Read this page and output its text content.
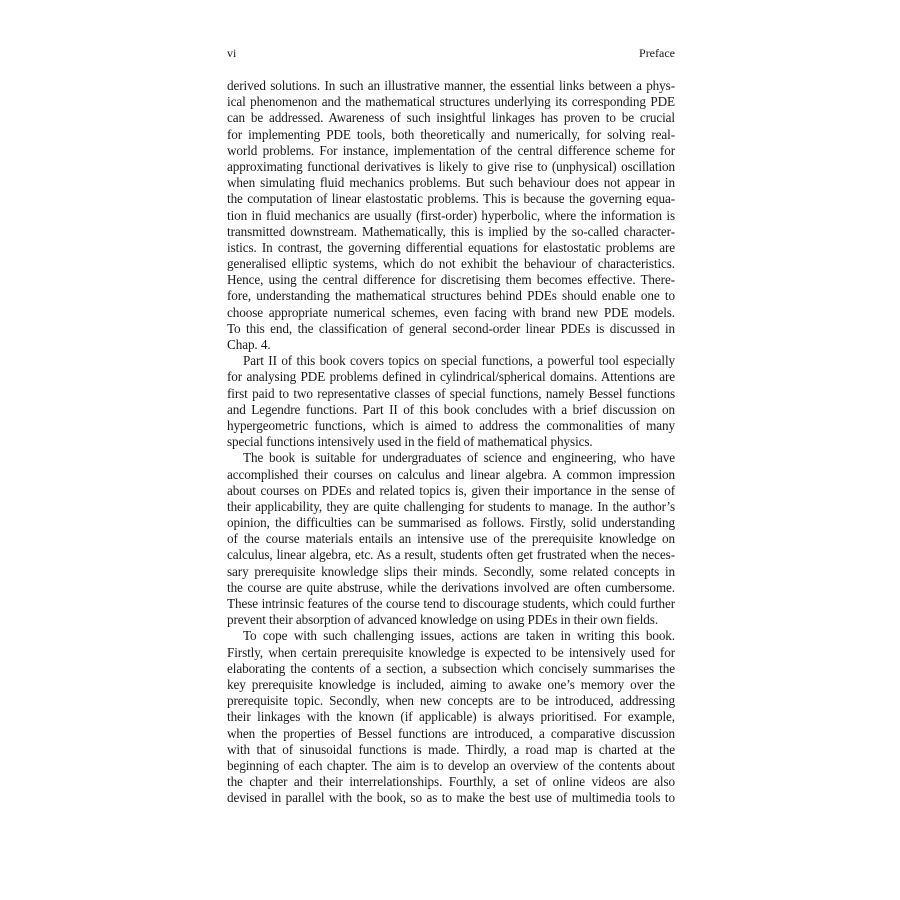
vi	Preface
derived solutions. In such an illustrative manner, the essential links between a phys-
ical phenomenon and the mathematical structures underlying its corresponding PDE
can be addressed. Awareness of such insightful linkages has proven to be crucial
for implementing PDE tools, both theoretically and numerically, for solving real-
world problems. For instance, implementation of the central difference scheme for
approximating functional derivatives is likely to give rise to (unphysical) oscillation
when simulating fluid mechanics problems. But such behaviour does not appear in
the computation of linear elastostatic problems. This is because the governing equa-
tion in fluid mechanics are usually (first-order) hyperbolic, where the information is
transmitted downstream. Mathematically, this is implied by the so-called character-
istics. In contrast, the governing differential equations for elastostatic problems are
generalised elliptic systems, which do not exhibit the behaviour of characteristics.
Hence, using the central difference for discretising them becomes effective. There-
fore, understanding the mathematical structures behind PDEs should enable one to
choose appropriate numerical schemes, even facing with brand new PDE models.
To this end, the classification of general second-order linear PDEs is discussed in
Chap. 4.
Part II of this book covers topics on special functions, a powerful tool especially
for analysing PDE problems defined in cylindrical/spherical domains. Attentions are
first paid to two representative classes of special functions, namely Bessel functions
and Legendre functions. Part II of this book concludes with a brief discussion on
hypergeometric functions, which is aimed to address the commonalities of many
special functions intensively used in the field of mathematical physics.
The book is suitable for undergraduates of science and engineering, who have
accomplished their courses on calculus and linear algebra. A common impression
about courses on PDEs and related topics is, given their importance in the sense of
their applicability, they are quite challenging for students to manage. In the author’s
opinion, the difficulties can be summarised as follows. Firstly, solid understanding
of the course materials entails an intensive use of the prerequisite knowledge on
calculus, linear algebra, etc. As a result, students often get frustrated when the neces-
sary prerequisite knowledge slips their minds. Secondly, some related concepts in
the course are quite abstruse, while the derivations involved are often cumbersome.
These intrinsic features of the course tend to discourage students, which could further
prevent their absorption of advanced knowledge on using PDEs in their own fields.
To cope with such challenging issues, actions are taken in writing this book.
Firstly, when certain prerequisite knowledge is expected to be intensively used for
elaborating the contents of a section, a subsection which concisely summarises the
key prerequisite knowledge is included, aiming to awake one’s memory over the
prerequisite topic. Secondly, when new concepts are to be introduced, addressing
their linkages with the known (if applicable) is always prioritised. For example,
when the properties of Bessel functions are introduced, a comparative discussion
with that of sinusoidal functions is made. Thirdly, a road map is charted at the
beginning of each chapter. The aim is to develop an overview of the contents about
the chapter and their interrelationships. Fourthly, a set of online videos are also
devised in parallel with the book, so as to make the best use of multimedia tools to
